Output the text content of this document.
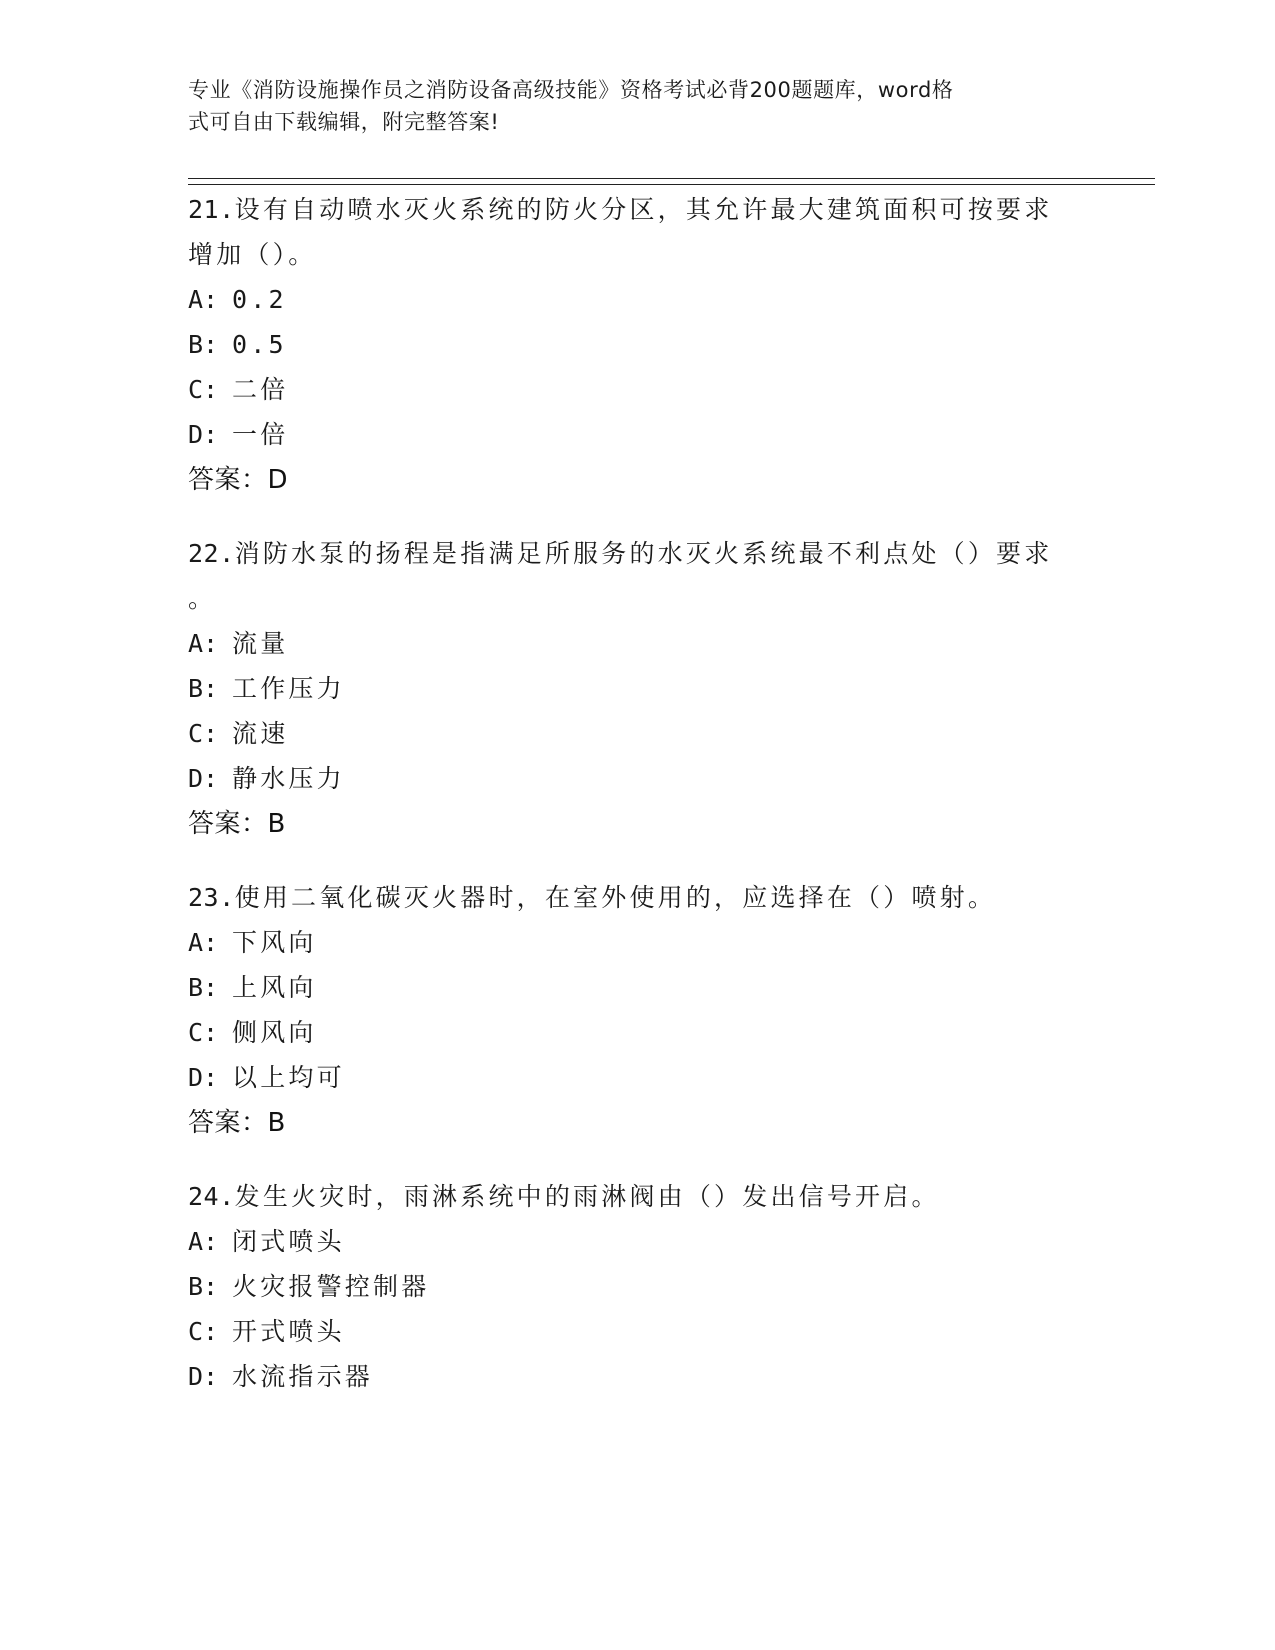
专业《消防设施操作员之消防设备高级技能》资格考试必背200题题库，word格
式可自由下载编辑，附完整答案!

21.设有自动喷水灭火系统的防火分区，其允许最大建筑面积可按要求

增加（）。

A: 0.2

B: 0.5

C: 二倍

D: 一倍

答案：D

22.消防水泵的扬程是指满足所服务的水灭火系统最不利点处（）要求

。

A: 流量

B: 工作压力

C: 流速

D: 静水压力

答案：B

23.使用二氧化碳灭火器时，在室外使用的，应选择在（）喷射。

A: 下风向

B: 上风向

C: 侧风向

D: 以上均可

答案：B

24.发生火灾时，雨淋系统中的雨淋阀由（）发出信号开启。

A: 闭式喷头

B: 火灾报警控制器

C: 开式喷头

D: 水流指示器
